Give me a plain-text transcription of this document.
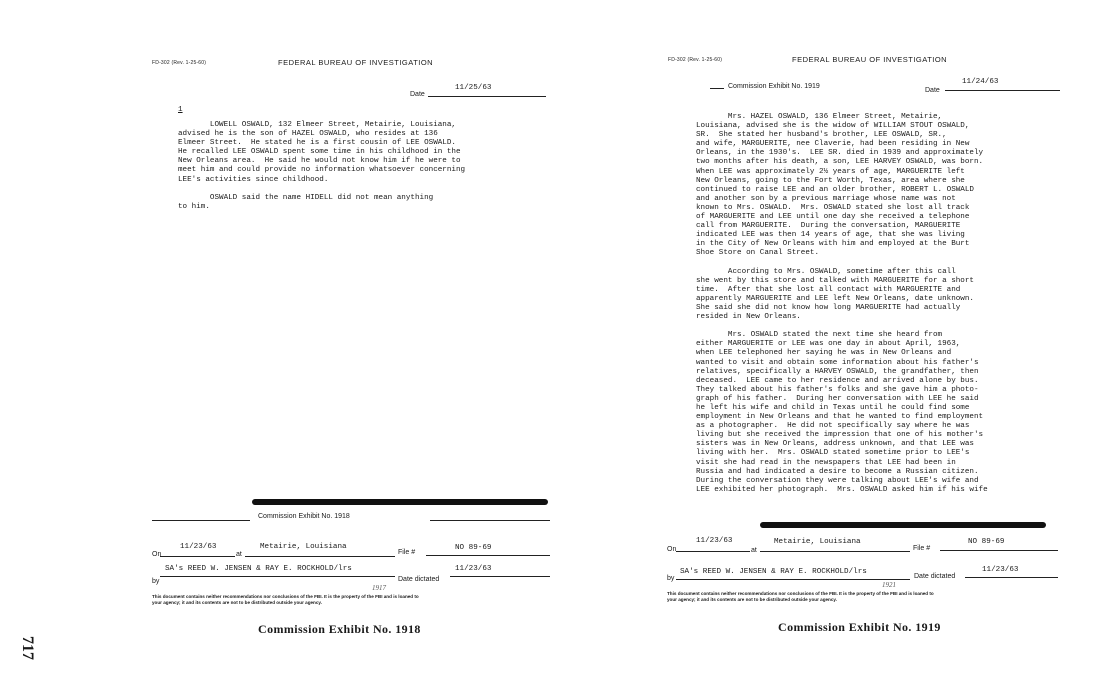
FD-302 (Rev. 1-25-60)	FEDERAL BUREAU OF INVESTIGATION
Date
11/25/63
1
LOWELL OSWALD, 132 Elmeer Street, Metairie, Louisiana,
advised he is the son of HAZEL OSWALD, who resides at 136
Elmeer Street.  He stated he is a first cousin of LEE OSWALD.
He recalled LEE OSWALD spent some time in his childhood in the
New Orleans area.  He said he would not know him if he were to
meet him and could provide no information whatsoever concerning
LEE's activities since childhood.

OSWALD said the name HIDELL did not mean anything
to him.
Commission Exhibit No. 1918
On
11/23/63
at
Metairie, Louisiana
File #
NO 89-69
by
SA's REED W. JENSEN & RAY E. ROCKHOLD/lrs
Date dictated
11/23/63
1917
This document contains neither recommendations nor conclusions of the FBI. It is the property of the FBI and is loaned to
your agency; it and its contents are not to be distributed outside your agency.
Commission Exhibit No. 1918
FD-302 (Rev. 1-25-60)	FEDERAL BUREAU OF INVESTIGATION
Commission Exhibit No. 1919
Date
11/24/63
Mrs. HAZEL OSWALD, 136 Elmeer Street, Metairie,
Louisiana, advised she is the widow of WILLIAM STOUT OSWALD,
SR.  She stated her husband's brother, LEE OSWALD, SR.,
and wife, MARGUERITE, nee Claverie, had been residing in New
Orleans, in the 1930's.  LEE SR. died in 1939 and approximately
two months after his death, a son, LEE HARVEY OSWALD, was born.
When LEE was approximately 2½ years of age, MARGUERITE left
New Orleans, going to the Fort Worth, Texas, area where she
continued to raise LEE and an older brother, ROBERT L. OSWALD
and another son by a previous marriage whose name was not
known to Mrs. OSWALD.  Mrs. OSWALD stated she lost all track
of MARGUERITE and LEE until one day she received a telephone
call from MARGUERITE.  During the conversation, MARGUERITE
indicated LEE was then 14 years of age, that she was living
in the City of New Orleans with him and employed at the Burt
Shoe Store on Canal Street.

According to Mrs. OSWALD, sometime after this call
she went by this store and talked with MARGUERITE for a short
time.  After that she lost all contact with MARGUERITE and
apparently MARGUERITE and LEE left New Orleans, date unknown.
She said she did not know how long MARGUERITE had actually
resided in New Orleans.

Mrs. OSWALD stated the next time she heard from
either MARGUERITE or LEE was one day in about April, 1963,
when LEE telephoned her saying he was in New Orleans and
wanted to visit and obtain some information about his father's
relatives, specifically a HARVEY OSWALD, the grandfather, then
deceased.  LEE came to her residence and arrived alone by bus.
They talked about his father's folks and she gave him a photo-
graph of his father.  During her conversation with LEE he said
he left his wife and child in Texas until he could find some
employment in New Orleans and that he wanted to find employment
as a photographer.  He did not specifically say where he was
living but she received the impression that one of his mother's
sisters was in New Orleans, address unknown, and that LEE was
living with her.  Mrs. OSWALD stated sometime prior to LEE's
visit she had read in the newspapers that LEE had been in
Russia and had indicated a desire to become a Russian citizen.
During the conversation they were talking about LEE's wife and
LEE exhibited her photograph.  Mrs. OSWALD asked him if his wife
On
11/23/63
at
Metairie, Louisiana
File #
NO 89-69
by
SA's REED W. JENSEN & RAY E. ROCKHOLD/lrs
Date dictated
11/23/63
1921
This document contains neither recommendations nor conclusions of the FBI. It is the property of the FBI and is loaned to
your agency; it and its contents are not to be distributed outside your agency.
Commission Exhibit No. 1919
717
